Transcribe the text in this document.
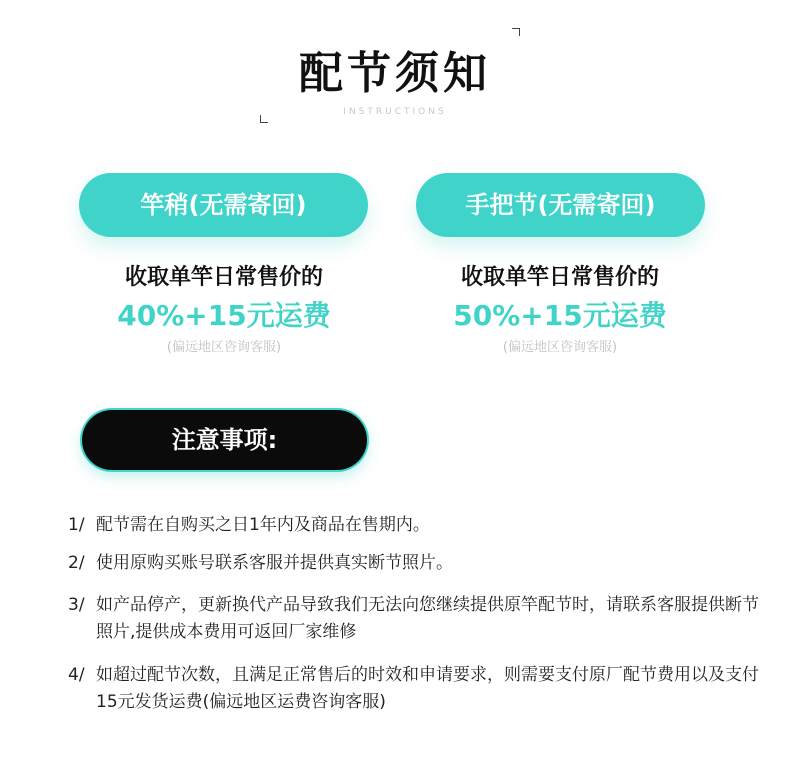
配节须知
INSTRUCTIONS
竿稍(无需寄回)	手把节(无需寄回)
收取单竿日常售价的
40%+15元运费
(偏远地区咨询客服)
收取单竿日常售价的
50%+15元运费
(偏远地区咨询客服)
注意事项:
1/ 配节需在自购买之日1年内及商品在售期内。
2/ 使用原购买账号联系客服并提供真实断节照片。
3/ 如产品停产，更新换代产品导致我们无法向您继续提供原竿配节时，请联系客服提供断节照片,提供成本费用可返回厂家维修
4/ 如超过配节次数，且满足正常售后的时效和申请要求，则需要支付原厂配节费用以及支付15元发货运费(偏远地区运费咨询客服)
